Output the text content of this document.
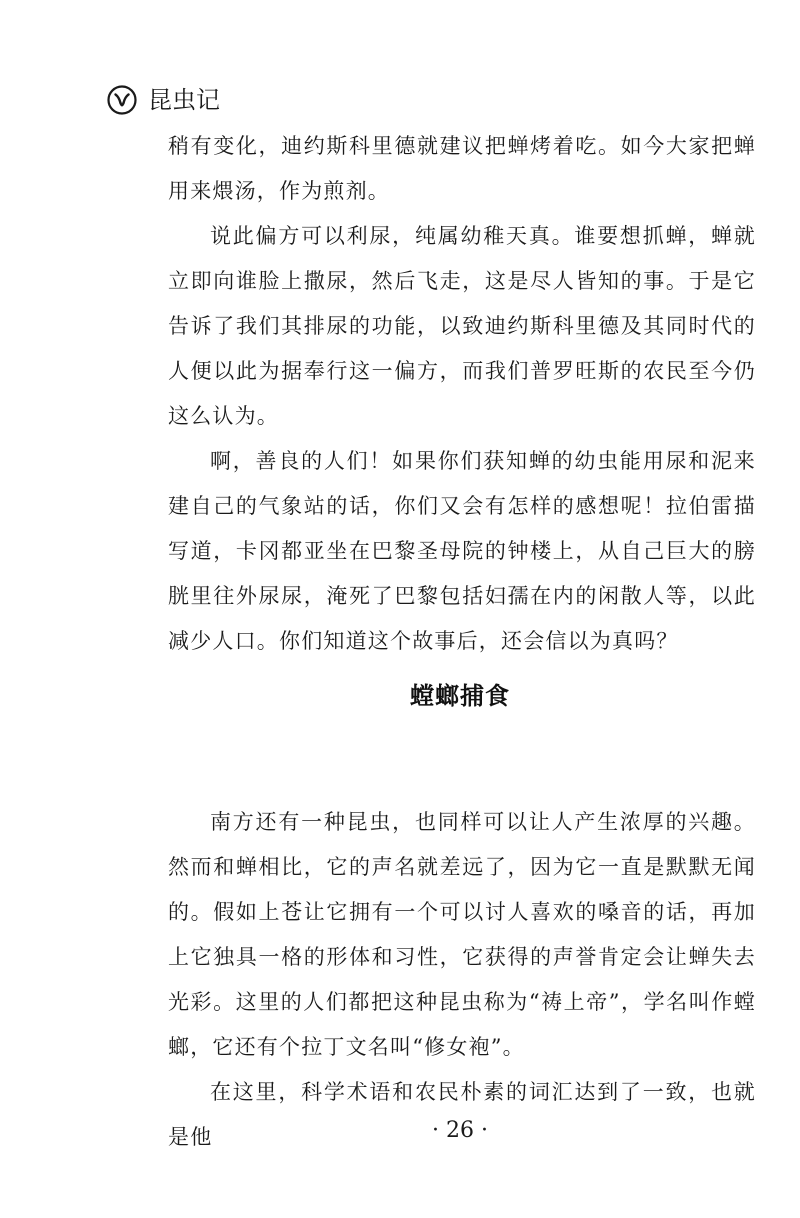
昆虫记

稍有变化，迪约斯科里德就建议把蝉烤着吃。如今大家把蝉用来煨汤，作为煎剂。

说此偏方可以利尿，纯属幼稚天真。谁要想抓蝉，蝉就立即向谁脸上撒尿，然后飞走，这是尽人皆知的事。于是它告诉了我们其排尿的功能，以致迪约斯科里德及其同时代的人便以此为据奉行这一偏方，而我们普罗旺斯的农民至今仍这么认为。

啊，善良的人们！如果你们获知蝉的幼虫能用尿和泥来建自己的气象站的话，你们又会有怎样的感想呢！拉伯雷描写道，卡冈都亚坐在巴黎圣母院的钟楼上，从自己巨大的膀胱里往外尿尿，淹死了巴黎包括妇孺在内的闲散人等，以此减少人口。你们知道这个故事后，还会信以为真吗？

螳螂捕食

南方还有一种昆虫，也同样可以让人产生浓厚的兴趣。然而和蝉相比，它的声名就差远了，因为它一直是默默无闻的。假如上苍让它拥有一个可以讨人喜欢的嗓音的话，再加上它独具一格的形体和习性，它获得的声誉肯定会让蝉失去光彩。这里的人们都把这种昆虫称为“祷上帝”，学名叫作螳螂，它还有个拉丁文名叫“修女袍”。

在这里，科学术语和农民朴素的词汇达到了一致，也就是他	· 26 ·
